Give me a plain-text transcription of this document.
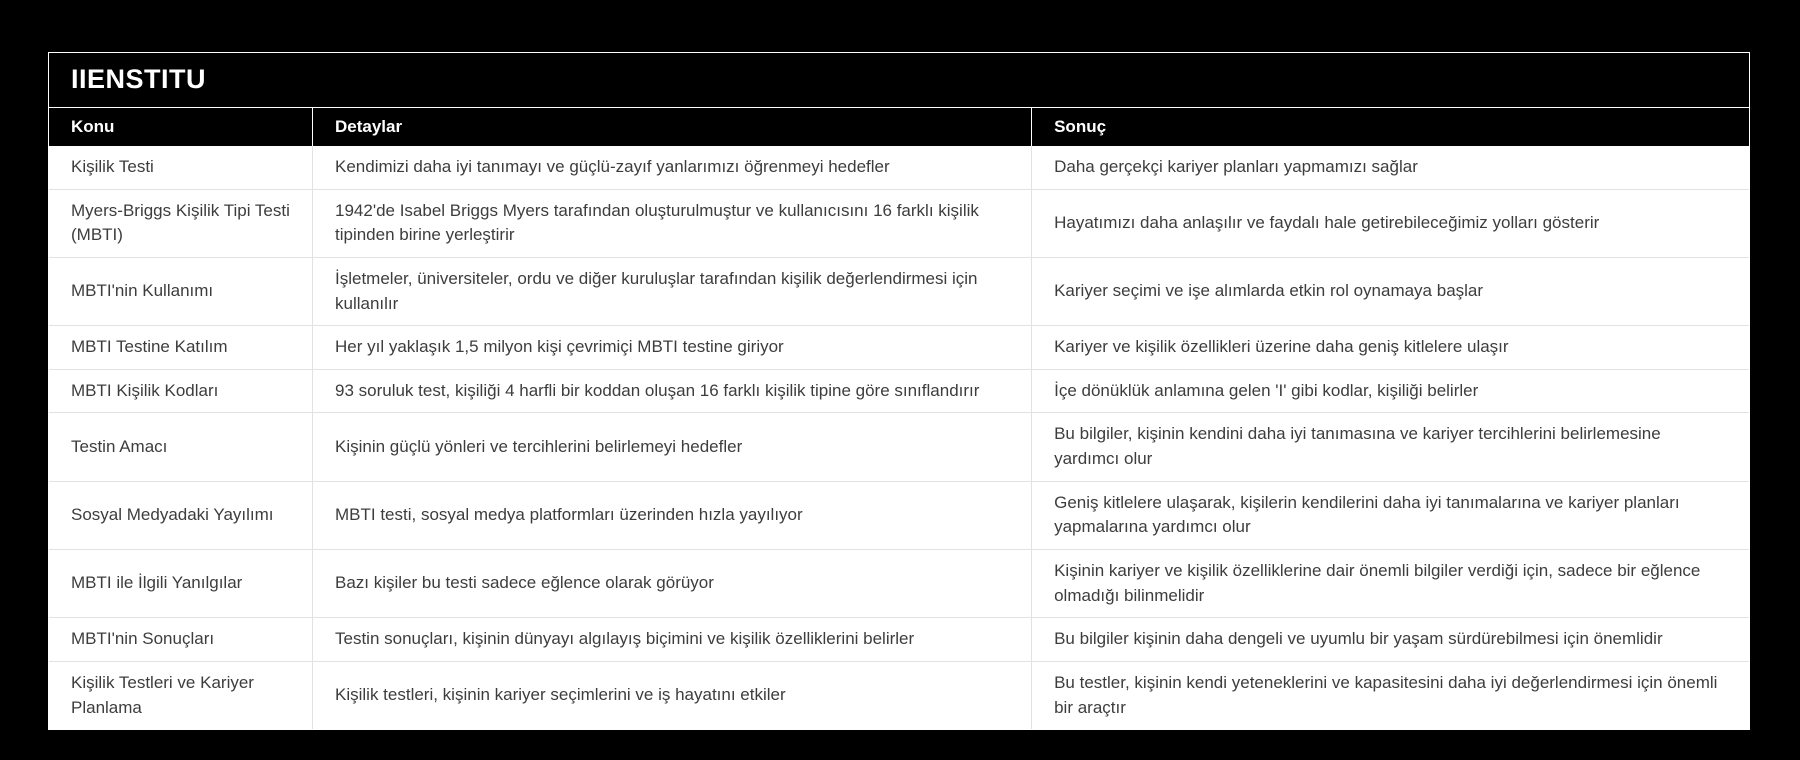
IIENSTITU
Konu	Detaylar	Sonuç
Kişilik Testi	Kendimizi daha iyi tanımayı ve güçlü-zayıf yanlarımızı öğrenmeyi hedefler	Daha gerçekçi kariyer planları yapmamızı sağlar
Myers-Briggs Kişilik Tipi Testi (MBTI)	1942'de Isabel Briggs Myers tarafından oluşturulmuştur ve kullanıcısını 16 farklı kişilik tipinden birine yerleştirir	Hayatımızı daha anlaşılır ve faydalı hale getirebileceğimiz yolları gösterir
MBTI'nin Kullanımı	İşletmeler, üniversiteler, ordu ve diğer kuruluşlar tarafından kişilik değerlendirmesi için kullanılır	Kariyer seçimi ve işe alımlarda etkin rol oynamaya başlar
MBTI Testine Katılım	Her yıl yaklaşık 1,5 milyon kişi çevrimiçi MBTI testine giriyor	Kariyer ve kişilik özellikleri üzerine daha geniş kitlelere ulaşır
MBTI Kişilik Kodları	93 soruluk test, kişiliği 4 harfli bir koddan oluşan 16 farklı kişilik tipine göre sınıflandırır	İçe dönüklük anlamına gelen 'I' gibi kodlar, kişiliği belirler
Testin Amacı	Kişinin güçlü yönleri ve tercihlerini belirlemeyi hedefler	Bu bilgiler, kişinin kendini daha iyi tanımasına ve kariyer tercihlerini belirlemesine yardımcı olur
Sosyal Medyadaki Yayılımı	MBTI testi, sosyal medya platformları üzerinden hızla yayılıyor	Geniş kitlelere ulaşarak, kişilerin kendilerini daha iyi tanımalarına ve kariyer planları yapmalarına yardımcı olur
MBTI ile İlgili Yanılgılar	Bazı kişiler bu testi sadece eğlence olarak görüyor	Kişinin kariyer ve kişilik özelliklerine dair önemli bilgiler verdiği için, sadece bir eğlence olmadığı bilinmelidir
MBTI'nin Sonuçları	Testin sonuçları, kişinin dünyayı algılayış biçimini ve kişilik özelliklerini belirler	Bu bilgiler kişinin daha dengeli ve uyumlu bir yaşam sürdürebilmesi için önemlidir
Kişilik Testleri ve Kariyer Planlama	Kişilik testleri, kişinin kariyer seçimlerini ve iş hayatını etkiler	Bu testler, kişinin kendi yeteneklerini ve kapasitesini daha iyi değerlendirmesi için önemli bir araçtır
